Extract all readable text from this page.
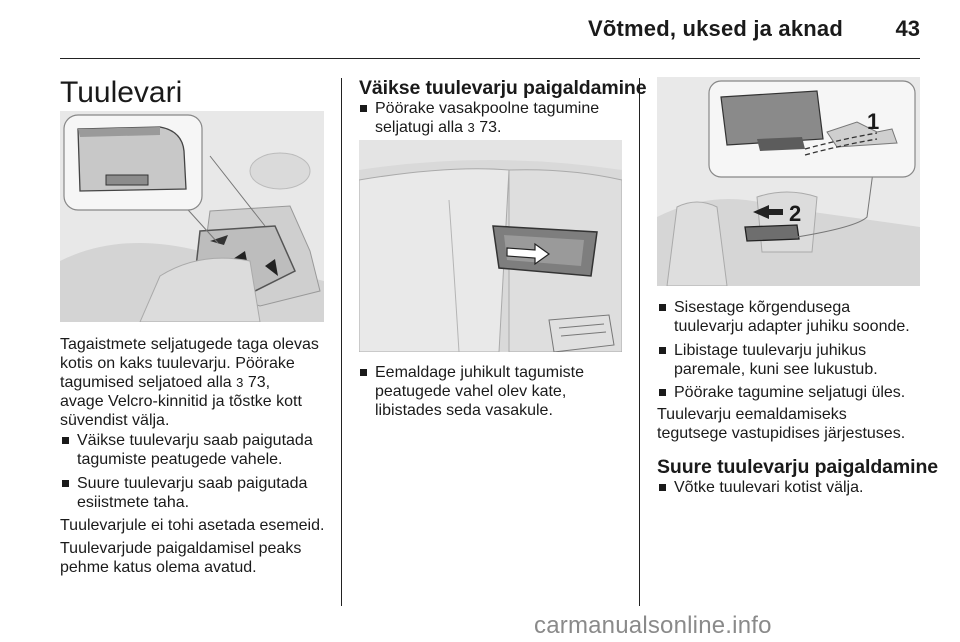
Võtmed, uksed ja aknad 43
Tuulevari
Tagaistmete seljatugede taga olevas
kotis on kaks tuulevarju. Pöörake
tagumised seljatoed alla 3 73,
avage Velcro-kinnitid ja tõstke kott
süvendist välja.
Väikse tuulevarju saab paigutada
tagumiste peatugede vahele.
Suure tuulevarju saab paigutada
esiistmete taha.
Tuulevarjule ei tohi asetada esemeid.
Tuulevarjude paigaldamisel peaks
pehme katus olema avatud.
Väikse tuulevarju paigaldamine
Pöörake vasakpoolne tagumine
seljatugi alla 3 73.
Eemaldage juhikult tagumiste
peatugede vahel olev kate,
libistades seda vasakule.
1
2
Sisestage kõrgendusega
tuulevarju adapter juhiku soonde.
Libistage tuulevarju juhikus
paremale, kuni see lukustub.
Pöörake tagumine seljatugi üles.
Tuulevarju eemaldamiseks
tegutsege vastupidises järjestuses.
Suure tuulevarju paigaldamine
Võtke tuulevari kotist välja.
carmanualsonline.info
